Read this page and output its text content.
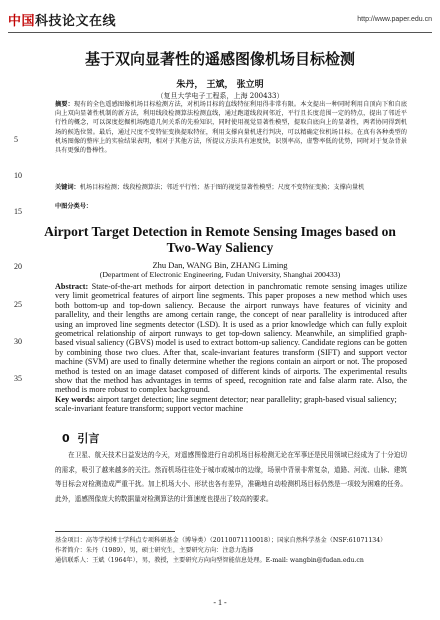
中国科技论文在线	http://www.paper.edu.cn
基于双向显著性的遥感图像机场目标检测
朱丹， 王斌， 张立明
（复旦大学电子工程系，上海 200433）
5
10
15
20
25
30
35
摘要：现有的全色遥感图像机场目标检测方法，对机场目标的直线特征利用得非常有限。本文提出一种同时利用自顶向下和自底向上双向显著性机制的新方法，利用线段检测算法检测直线，通过跑道线段间邻近，平行且长度范围一定的特点，提出了邻近平行性的概念，可以深度挖掘机场跑道几何关系的先验知识，同时使用视觉显著性模型，提取自底向上的显著性，两者协同得到机场的候选位置。最后，通过尺度不变特征变换提取特征，利用支撑向量机进行判决，可以精确定位机场目标。在真有各种类型的机场图像的整库上的实验结果表明，相对于其他方法，所提议方法具有速度快，识别率高，虚警率低的优势，同时对于复杂背景具有更强的鲁棒性。
关键词：机场目标检测；线段检测算法；邻近平行性；基于图的视觉显著性模型；尺度不变特征变换；支撑向量机
中图分类号：
Airport Target Detection in Remote Sensing Images based on Two-Way Saliency
Zhu Dan, WANG Bin, ZHANG Liming
(Department of Electronic Engineering, Fudan University, Shanghai 200433)
Abstract: State-of-the-art methods for airport detection in panchromatic remote sensing images utilize very limit geometrical features of airport line segments. This paper proposes a new method which uses both bottom-up and top-down saliency. Because the airport runways have features of vicinity and parallelity, and their lengths are among certain range, the concept of near parallelity is introduced after using an improved line segments detector (LSD). It is used as a prior knowledge which can fully exploit geometrical relationship of airport runways to get top-down saliency. Meanwhile, an simplified graph-based visual saliency (GBVS) model is used to extract bottom-up saliency. Candidate regions can be gotten by combining those two clues. After that, scale-invariant features transform (SIFT) and support vector machine (SVM) are used to finally determine whether the regions contain an airport or not. The proposed method is tested on an image dataset composed of different kinds of airports. The experimental results show that the method has advantages in terms of speed, recognition rate and false alarm rate. Also, the method is more robust to complex background.
Key words: airport target detection; line segment detector; near parallelity; graph-based visual saliency; scale-invariant feature transform; support vector machine
0 引言
在卫星、航天技术日益发达的今天，对遥感图像进行自动机场目标检测无论在军事还是民用领域已经成为了十分迫切的需求，吸引了越来越多的关注。然而机场往往处于城市或城市的边缘，场景中背景非常复杂，道路、河流、山脉、建筑等目标会对检测造成严重干扰。加上机场大小、形状也各有差异，准确地自动检测机场目标仍然是一项较为困难的任务。此外，遥感图像庞大的数据量对检测算法的计算速度也提出了较高的要求。
基金项目：高等学校博士学科点专项科研基金（博导类）（20110071110018）；国家自然科学基金（NSF:61071134）
作者简介：朱丹（1989），男，硕士研究生，主要研究方向：注意力选择
通信联系人：王斌（1964年），男，教授，主要研究方向向型智能信息处理。E-mail: wangbin@fudan.edu.cn
- 1 -
